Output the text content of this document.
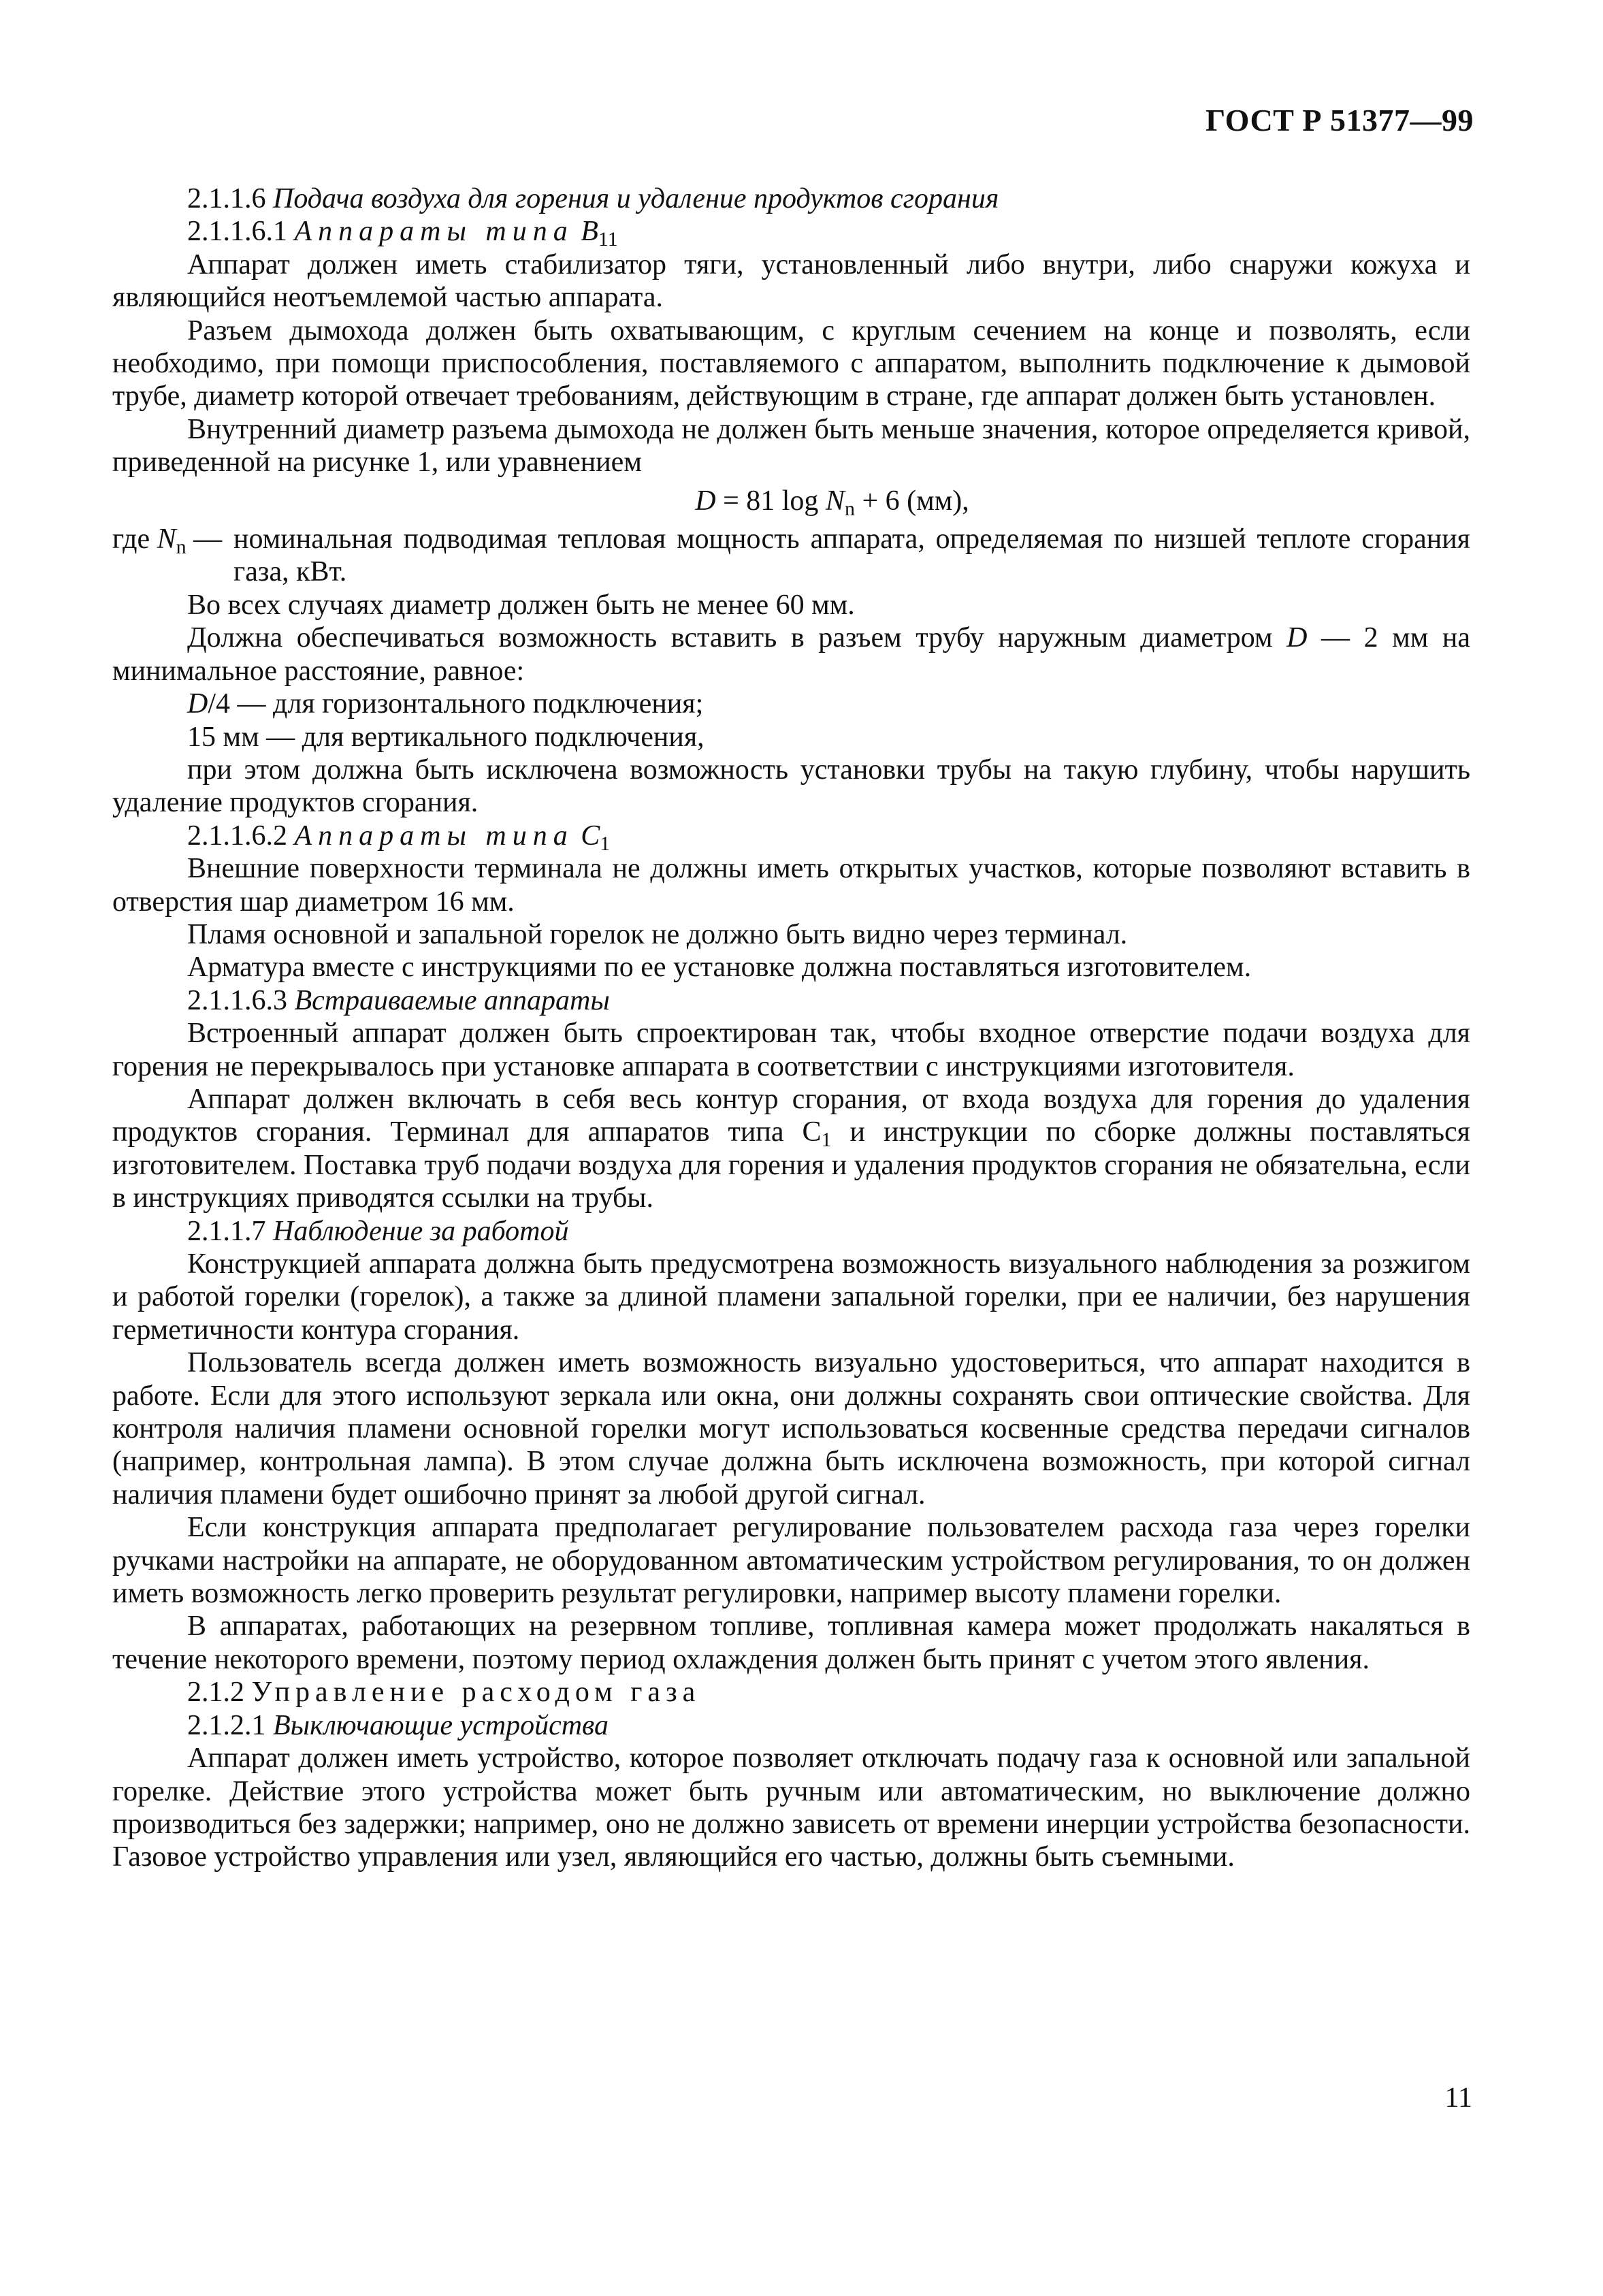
ГОСТ Р 51377—99
2.1.1.6 Подача воздуха для горения и удаление продуктов сгорания
2.1.1.6.1 Аппараты типа $B_{11}$

Аппарат должен иметь стабилизатор тяги, установленный либо внутри, либо снаружи кожуха и являющийся неотъемлемой частью аппарата.

Разъем дымохода должен быть охватывающим, с круглым сечением на конце и позволять, если необходимо, при помощи приспособления, поставляемого с аппаратом, выполнить подключение к дымовой трубе, диаметр которой отвечает требованиям, действующим в стране, где аппарат должен быть установлен.

Внутренний диаметр разъема дымохода не должен быть меньше значения, которое определяется кривой, приведенной на рисунке 1, или уравнением

D = 81 $\log N_n + 6$ (мм),
где $N_n$ — номинальная подводимая тепловая мощность аппарата, определяемая по низшей теплоте сгорания газа, кВт.

Во всех случаях диаметр должен быть не менее 60 мм.

Должна обеспечиваться возможность вставить в разъем трубу наружным диаметром D — 2 мм на минимальное расстояние, равное:

D/4 — для горизонтального подключения;

15 мм — для вертикального подключения,

при этом должна быть исключена возможность установки трубы на такую глубину, чтобы нарушить удаление продуктов сгорания.

2.1.1.6.2 Аппараты типа $C_1$

Внешние поверхности терминала не должны иметь открытых участков, которые позволяют вставить в отверстия шар диаметром 16 мм.

Пламя основной и запальной горелок не должно быть видно через терминал.

Арматура вместе с инструкциями по ее установке должна поставляться изготовителем.

2.1.1.6.3 Встраиваемые аппараты

Встроенный аппарат должен быть спроектирован так, чтобы входное отверстие подачи воздуха для горения не перекрывалось при установке аппарата в соответствии с инструкциями изготовителя.

Аппарат должен включать в себя весь контур сгорания, от входа воздуха для горения до удаления продуктов сгорания. Терминал для аппаратов типа $С_1$ и инструкции по сборке должны поставляться изготовителем. Поставка труб подачи воздуха для горения и удаления продуктов сгорания не обязательна, если в инструкциях приводятся ссылки на трубы.

2.1.1.7 Наблюдение за работой

Конструкцией аппарата должна быть предусмотрена возможность визуального наблюдения за розжигом и работой горелки (горелок), а также за длиной пламени запальной горелки, при ее наличии, без нарушения герметичности контура сгорания.

Пользователь всегда должен иметь возможность визуально удостовериться, что аппарат находится в работе. Если для этого используют зеркала или окна, они должны сохранять свои оптические свойства. Для контроля наличия пламени основной горелки могут использоваться косвенные средства передачи сигналов (например, контрольная лампа). В этом случае должна быть исключена возможность, при которой сигнал наличия пламени будет ошибочно принят за любой другой сигнал.

Если конструкция аппарата предполагает регулирование пользователем расхода газа через горелки ручками настройки на аппарате, не оборудованном автоматическим устройством регулирования, то он должен иметь возможность легко проверить результат регулировки, например высоту пламени горелки.

В аппаратах, работающих на резервном топливе, топливная камера может продолжать накаляться в течение некоторого времени, поэтому период охлаждения должен быть принят с учетом этого явления.

2.1.2 Управление расходом газа
2.1.2.1 Выключающие устройства

Аппарат должен иметь устройство, которое позволяет отключать подачу газа к основной или запальной горелке. Действие этого устройства может быть ручным или автоматическим, но выключение должно производиться без задержки; например, оно не должно зависеть от времени инерции устройства безопасности. Газовое устройство управления или узел, являющийся его частью, должны быть съемными.

11
